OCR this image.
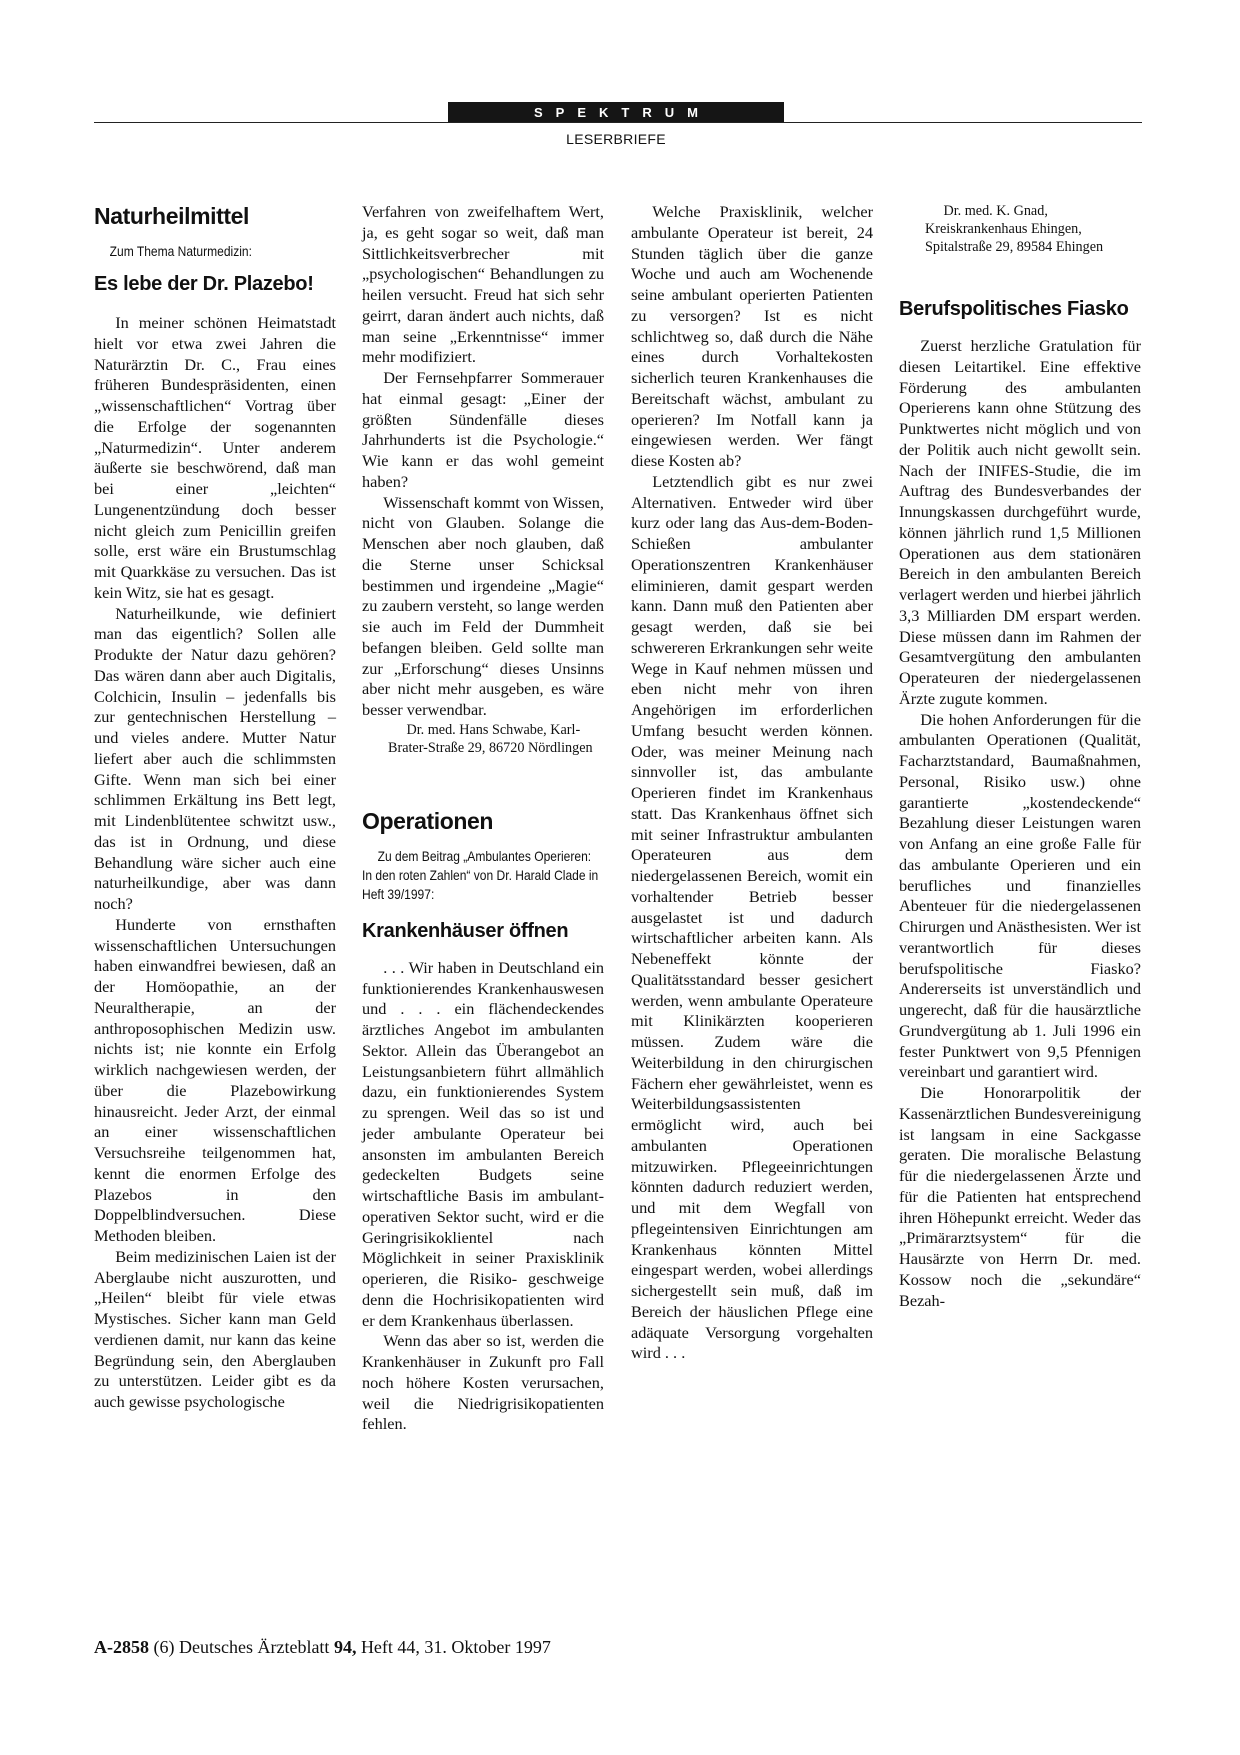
SPEKTRUM
LESERBRIEFE
Naturheilmittel

Zum Thema Naturmedizin:

Es lebe der Dr. Plazebo!

In meiner schönen Heimatstadt hielt vor etwa zwei Jahren die Naturärztin Dr. C., Frau eines früheren Bundespräsidenten, einen „wissenschaftlichen“ Vortrag über die Erfolge der sogenannten „Naturmedizin“. Unter anderem äußerte sie beschwörend, daß man bei einer „leichten“ Lungenentzündung doch besser nicht gleich zum Penicillin greifen solle, erst wäre ein Brustumschlag mit Quarkkäse zu versuchen. Das ist kein Witz, sie hat es gesagt.

Naturheilkunde, wie definiert man das eigentlich? Sollen alle Produkte der Natur dazu gehören? Das wären dann aber auch Digitalis, Colchicin, Insulin – jedenfalls bis zur gentechnischen Herstellung – und vieles andere. Mutter Natur liefert aber auch die schlimmsten Gifte. Wenn man sich bei einer schlimmen Erkältung ins Bett legt, mit Lindenblütentee schwitzt usw., das ist in Ordnung, und diese Behandlung wäre sicher auch eine naturheilkundige, aber was dann noch?

Hunderte von ernsthaften wissenschaftlichen Untersuchungen haben einwandfrei bewiesen, daß an der Homöopathie, an der Neuraltherapie, an der anthroposophischen Medizin usw. nichts ist; nie konnte ein Erfolg wirklich nachgewiesen werden, der über die Plazebowirkung hinausreicht. Jeder Arzt, der einmal an einer wissenschaftlichen Versuchsreihe teilgenommen hat, kennt die enormen Erfolge des Plazebos in den Doppelblindversuchen. Diese Methoden bleiben.

Beim medizinischen Laien ist der Aberglaube nicht auszurotten, und „Heilen“ bleibt für viele etwas Mystisches. Sicher kann man Geld verdienen damit, nur kann das keine Begründung sein, den Aberglauben zu unterstützen. Leider gibt es da auch gewisse psychologische

Verfahren von zweifelhaftem Wert, ja, es geht sogar so weit, daß man Sittlichkeitsverbrecher mit „psychologischen“ Behandlungen zu heilen versucht. Freud hat sich sehr geirrt, daran ändert auch nichts, daß man seine „Erkenntnisse“ immer mehr modifiziert.

Der Fernsehpfarrer Sommerauer hat einmal gesagt: „Einer der größten Sündenfälle dieses Jahrhunderts ist die Psychologie.“ Wie kann er das wohl gemeint haben?

Wissenschaft kommt von Wissen, nicht von Glauben. Solange die Menschen aber noch glauben, daß die Sterne unser Schicksal bestimmen und irgendeine „Magie“ zu zaubern versteht, so lange werden sie auch im Feld der Dummheit befangen bleiben. Geld sollte man zur „Erforschung“ dieses Unsinns aber nicht mehr ausgeben, es wäre besser verwendbar.

Dr. med. Hans Schwabe, Karl-Brater-Straße 29, 86720 Nördlingen

Operationen

Zu dem Beitrag „Ambulantes Operieren: In den roten Zahlen“ von Dr. Harald Clade in Heft 39/1997:

Krankenhäuser öffnen

. . . Wir haben in Deutschland ein funktionierendes Krankenhauswesen und . . . ein flächendeckendes ärztliches Angebot im ambulanten Sektor. Allein das Überangebot an Leistungsanbietern führt allmählich dazu, ein funktionierendes System zu sprengen. Weil das so ist und jeder ambulante Operateur bei ansonsten im ambulanten Bereich gedeckelten Budgets seine wirtschaftliche Basis im ambulant-operativen Sektor sucht, wird er die Geringrisikoklientel nach Möglichkeit in seiner Praxisklinik operieren, die Risiko- geschweige denn die Hochrisikopatienten wird er dem Krankenhaus überlassen.

Wenn das aber so ist, werden die Krankenhäuser in Zukunft pro Fall noch höhere Kosten verursachen, weil die Niedrigrisikopatienten fehlen.

Welche Praxisklinik, welcher ambulante Operateur ist bereit, 24 Stunden täglich über die ganze Woche und auch am Wochenende seine ambulant operierten Patienten zu versorgen? Ist es nicht schlichtweg so, daß durch die Nähe eines durch Vorhaltekosten sicherlich teuren Krankenhauses die Bereitschaft wächst, ambulant zu operieren? Im Notfall kann ja eingewiesen werden. Wer fängt diese Kosten ab?

Letztendlich gibt es nur zwei Alternativen. Entweder wird über kurz oder lang das Aus-dem-Boden-Schießen ambulanter Operationszentren Krankenhäuser eliminieren, damit gespart werden kann. Dann muß den Patienten aber gesagt werden, daß sie bei schwereren Erkrankungen sehr weite Wege in Kauf nehmen müssen und eben nicht mehr von ihren Angehörigen im erforderlichen Umfang besucht werden können. Oder, was meiner Meinung nach sinnvoller ist, das ambulante Operieren findet im Krankenhaus statt. Das Krankenhaus öffnet sich mit seiner Infrastruktur ambulanten Operateuren aus dem niedergelassenen Bereich, womit ein vorhaltender Betrieb besser ausgelastet ist und dadurch wirtschaftlicher arbeiten kann. Als Nebeneffekt könnte der Qualitätsstandard besser gesichert werden, wenn ambulante Operateure mit Klinikärzten kooperieren müssen. Zudem wäre die Weiterbildung in den chirurgischen Fächern eher gewährleistet, wenn es Weiterbildungsassistenten ermöglicht wird, auch bei ambulanten Operationen mitzuwirken. Pflegeeinrichtungen könnten dadurch reduziert werden, und mit dem Wegfall von pflegeintensiven Einrichtungen am Krankenhaus könnten Mittel eingespart werden, wobei allerdings sichergestellt sein muß, daß im Bereich der häuslichen Pflege eine adäquate Versorgung vorgehalten wird . . .

Dr. med. K. Gnad, Kreiskrankenhaus Ehingen, Spitalstraße 29, 89584 Ehingen

Berufspolitisches Fiasko

Zuerst herzliche Gratulation für diesen Leitartikel. Eine effektive Förderung des ambulanten Operierens kann ohne Stützung des Punktwertes nicht möglich und von der Politik auch nicht gewollt sein. Nach der INIFES-Studie, die im Auftrag des Bundesverbandes der Innungskassen durchgeführt wurde, können jährlich rund 1,5 Millionen Operationen aus dem stationären Bereich in den ambulanten Bereich verlagert werden und hierbei jährlich 3,3 Milliarden DM erspart werden. Diese müssen dann im Rahmen der Gesamtvergütung den ambulanten Operateuren der niedergelassenen Ärzte zugute kommen.

Die hohen Anforderungen für die ambulanten Operationen (Qualität, Facharztstandard, Baumaßnahmen, Personal, Risiko usw.) ohne garantierte „kostendeckende“ Bezahlung dieser Leistungen waren von Anfang an eine große Falle für das ambulante Operieren und ein berufliches und finanzielles Abenteuer für die niedergelassenen Chirurgen und Anästhesisten. Wer ist verantwortlich für dieses berufspolitische Fiasko? Andererseits ist unverständlich und ungerecht, daß für die hausärztliche Grundvergütung ab 1. Juli 1996 ein fester Punktwert von 9,5 Pfennigen vereinbart und garantiert wird.

Die Honorarpolitik der Kassenärztlichen Bundesvereinigung ist langsam in eine Sackgasse geraten. Die moralische Belastung für die niedergelassenen Ärzte und für die Patienten hat entsprechend ihren Höhepunkt erreicht. Weder das „Primärarztsystem“ für die Hausärzte von Herrn Dr. med. Kossow noch die „sekundäre“ Bezah-

A-2858 (6) Deutsches Ärzteblatt 94, Heft 44, 31. Oktober 1997
